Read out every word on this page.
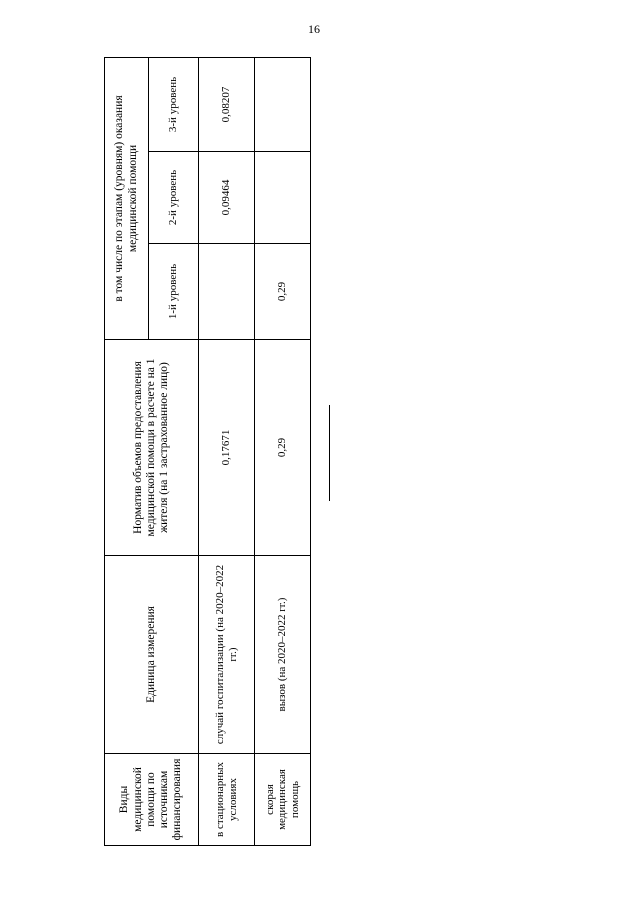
16
Виды медицинской помощи по источникам финансирования	Единица измерения	Норматив объемов предоставления медицинской помощи в расчете на 1 жителя (на 1 застрахованное лицо)	в том числе по этапам (уровням) оказания медицинской помощи		
			1-й уровень	2-й уровень	3-й уровень
в стационарных условиях	случай госпитализации (на 2020–2022 гг.)	0,17671		0,09464	0,08207
скорая медицинская помощь	вызов (на 2020–2022 гг.)	0,29	0,29		
